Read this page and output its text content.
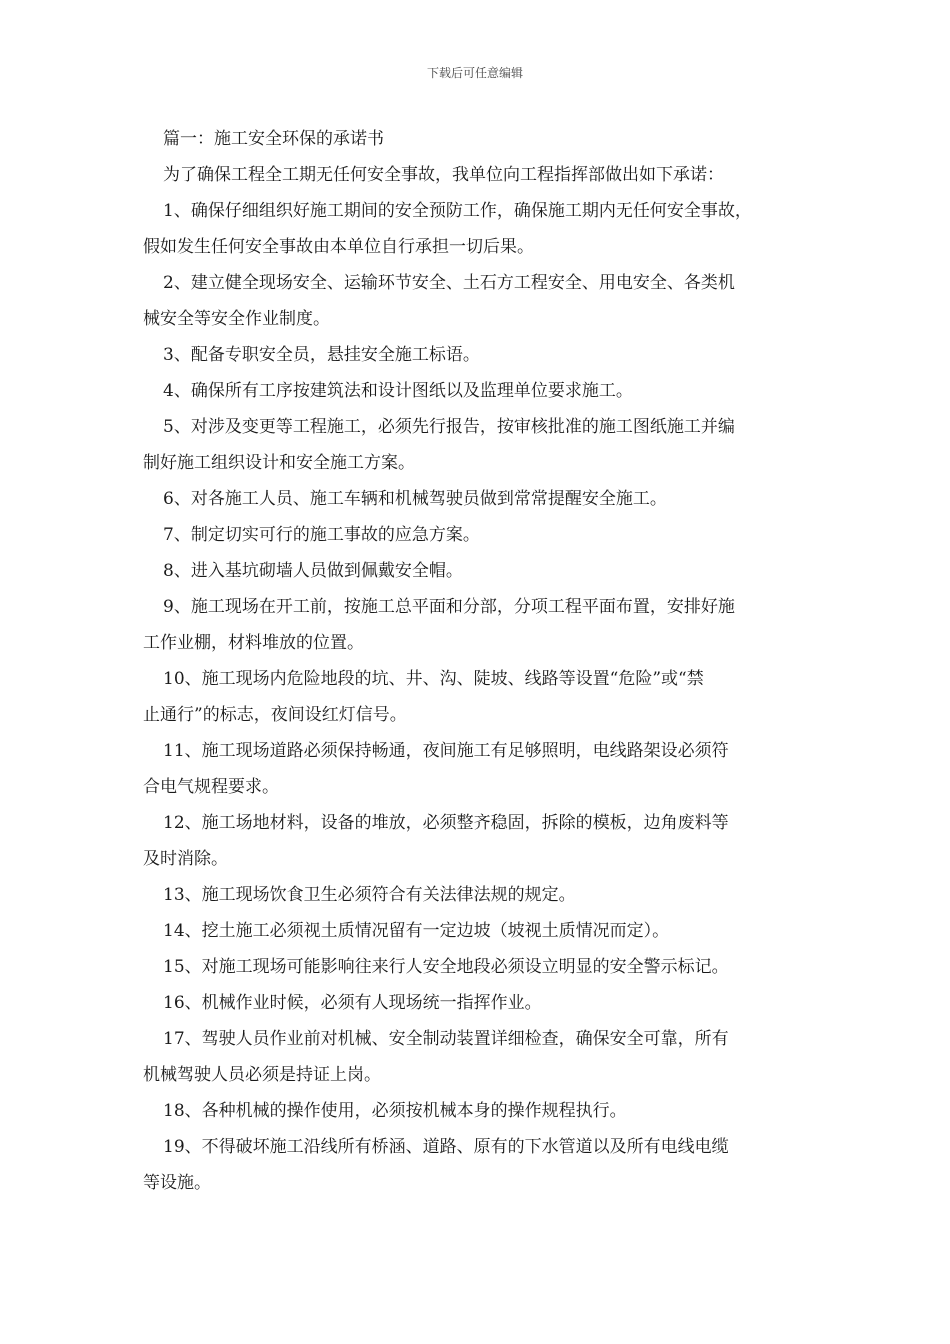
下载后可任意编辑

篇一：施工安全环保的承诺书

为了确保工程全工期无任何安全事故，我单位向工程指挥部做出如下承诺：

1、确保仔细组织好施工期间的安全预防工作，确保施工期内无任何安全事故，

假如发生任何安全事故由本单位自行承担一切后果。

2、建立健全现场安全、运输环节安全、土石方工程安全、用电安全、各类机

械安全等安全作业制度。

3、配备专职安全员，悬挂安全施工标语。

4、确保所有工序按建筑法和设计图纸以及监理单位要求施工。

5、对涉及变更等工程施工，必须先行报告，按审核批准的施工图纸施工并编

制好施工组织设计和安全施工方案。

6、对各施工人员、施工车辆和机械驾驶员做到常常提醒安全施工。

7、制定切实可行的施工事故的应急方案。

8、进入基坑砌墙人员做到佩戴安全帽。

9、施工现场在开工前，按施工总平面和分部，分项工程平面布置，安排好施

工作业棚，材料堆放的位置。

10、施工现场内危险地段的坑、井、沟、陡坡、线路等设置“危险”或“禁

止通行”的标志，夜间设红灯信号。

11、施工现场道路必须保持畅通，夜间施工有足够照明，电线路架设必须符

合电气规程要求。

12、施工场地材料，设备的堆放，必须整齐稳固，拆除的模板，边角废料等

及时消除。

13、施工现场饮食卫生必须符合有关法律法规的规定。

14、挖土施工必须视土质情况留有一定边坡（坡视土质情况而定）。

15、对施工现场可能影响往来行人安全地段必须设立明显的安全警示标记。

16、机械作业时候，必须有人现场统一指挥作业。

17、驾驶人员作业前对机械、安全制动装置详细检查，确保安全可靠，所有

机械驾驶人员必须是持证上岗。

18、各种机械的操作使用，必须按机械本身的操作规程执行。

19、不得破坏施工沿线所有桥涵、道路、原有的下水管道以及所有电线电缆

等设施。
